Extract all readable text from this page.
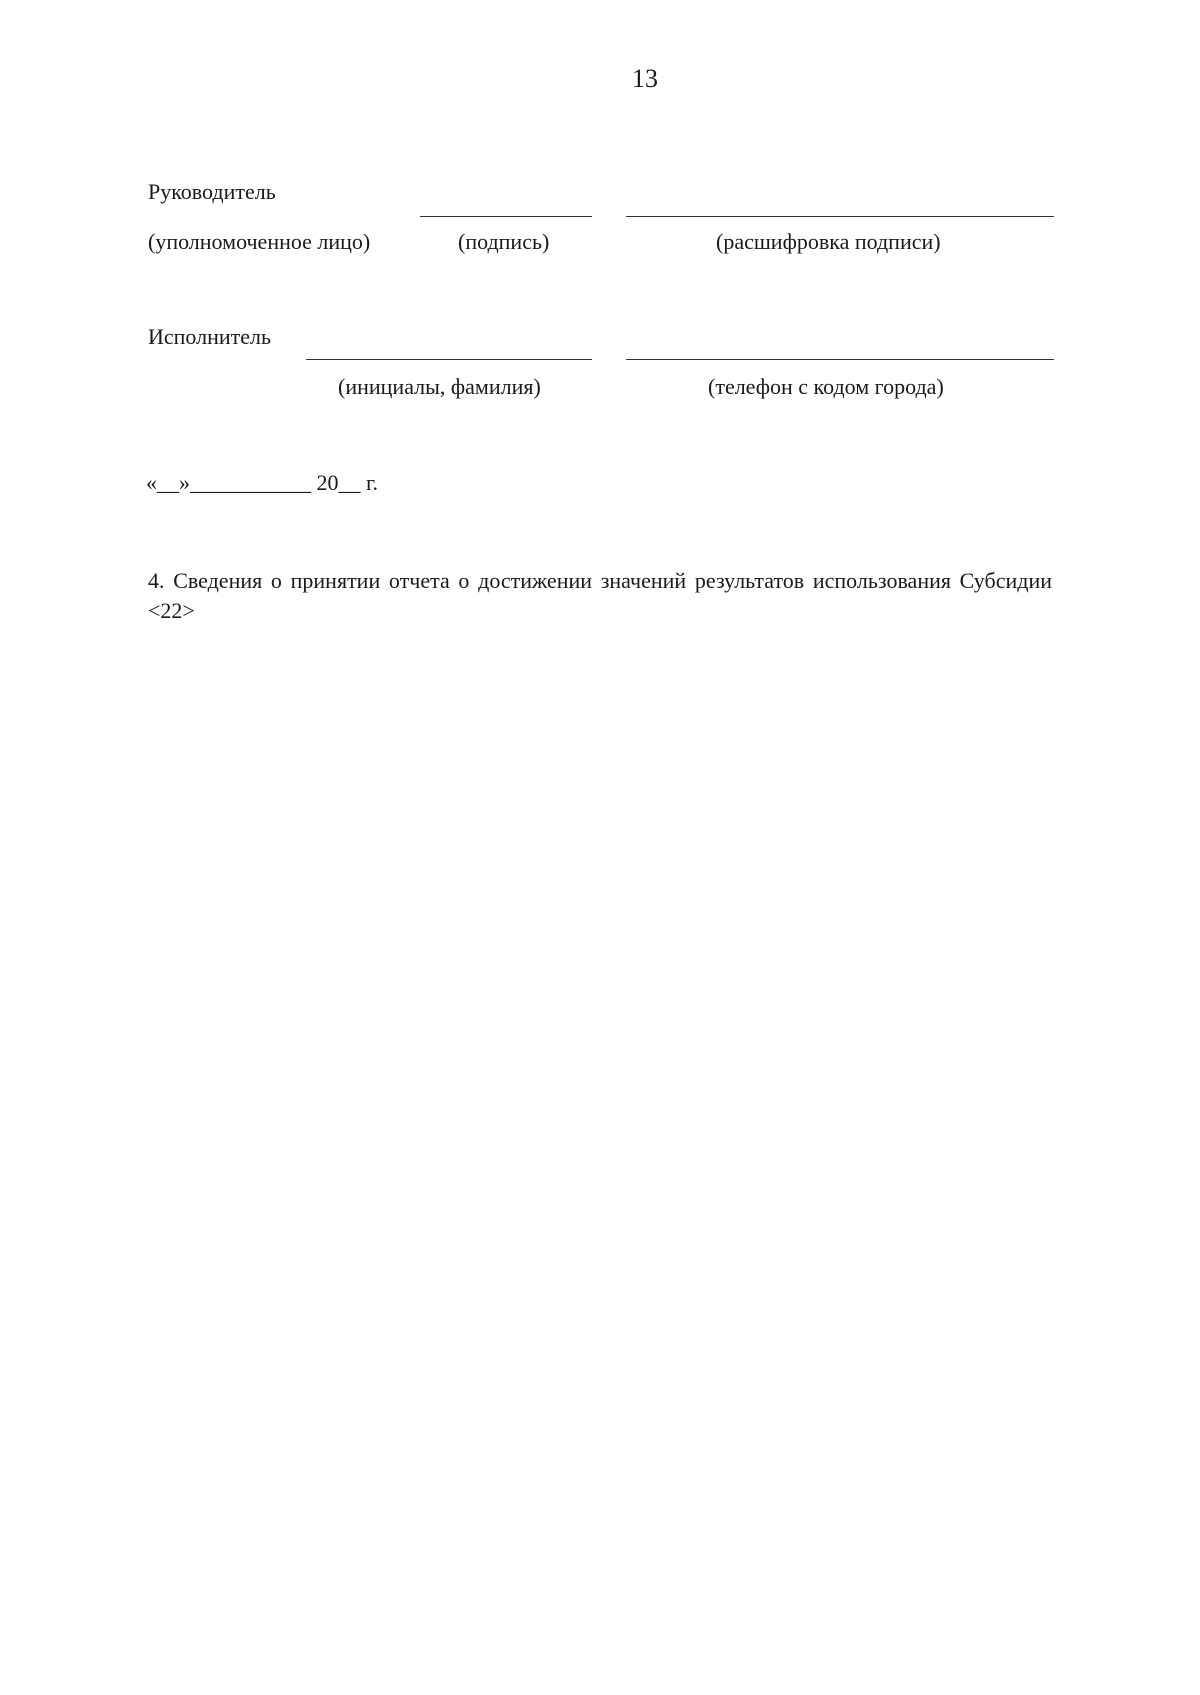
13
Руководитель
(уполномоченное лицо)	(подпись)	(расшифровка подписи)
Исполнитель
(инициалы, фамилия)	(телефон с кодом города)
«__»___________ 20__ г.
4. Сведения о принятии отчета о достижении значений результатов использования Субсидии <22>
